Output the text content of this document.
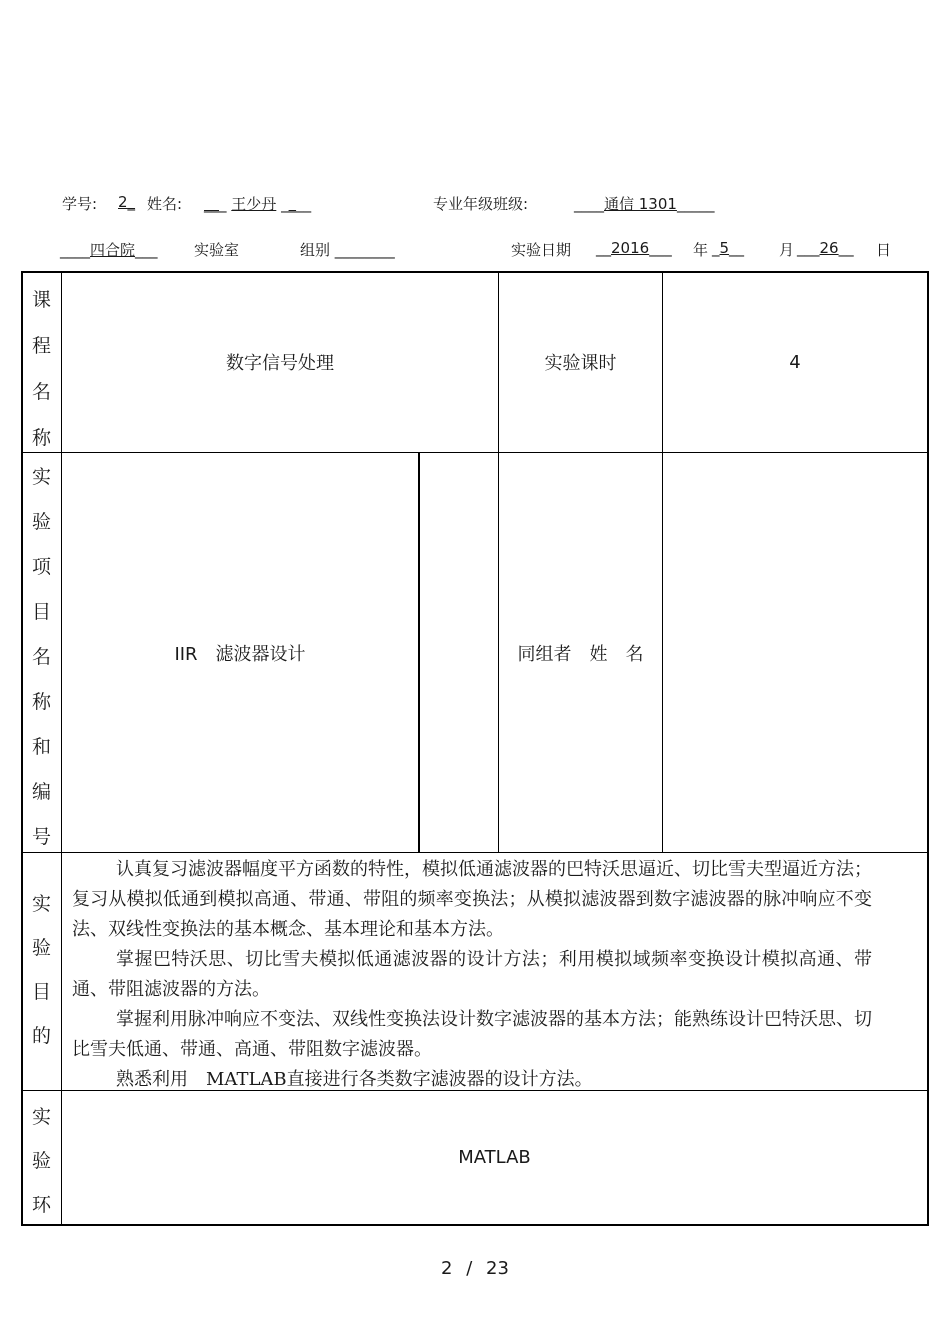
学号: 2_ 姓名: ___ 王少丹 ____	专业年级班级:	____通信 1301_____
____四合院___ 实验室	组别 ________	实验日期 __2016___ 年 _5__ 月 ___26__ 日
课
程
名
称
数字信号处理	实验课时	4
实
验
项
目
名
称
和
编
号
IIR　滤波器设计	同组者　姓　名
实
验
目
的

认真复习滤波器幅度平方函数的特性，模拟低通滤波器的巴特沃思逼近、切比雪夫型逼近方法；复习从模拟低通到模拟高通、带通、带阻的频率变换法；从模拟滤波器到数字滤波器的脉冲响应不变法、双线性变换法的基本概念、基本理论和基本方法。

掌握巴特沃思、切比雪夫模拟低通滤波器的设计方法；利用模拟域频率变换设计模拟高通、带通、带阻滤波器的方法。

掌握利用脉冲响应不变法、双线性变换法设计数字滤波器的基本方法；能熟练设计巴特沃思、切比雪夫低通、带通、高通、带阻数字滤波器。

熟悉利用　MATLAB直接进行各类数字滤波器的设计方法。

实
验
环
MATLAB
2 / 23
